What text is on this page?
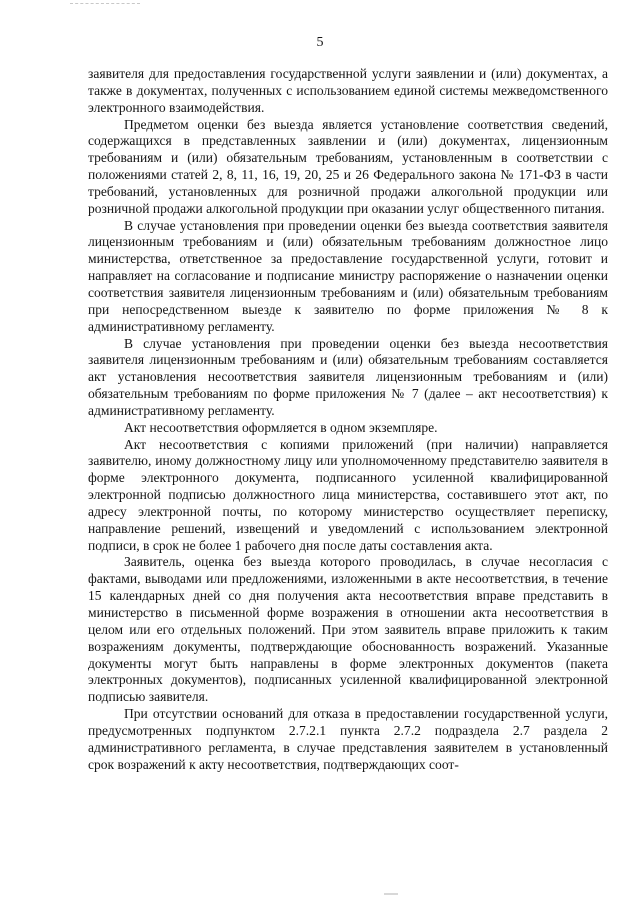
5

заявителя для предоставления государственной услуги заявлении и (или) документах, а также в документах, полученных с использованием единой системы межведомственного электронного взаимодействия.

Предметом оценки без выезда является установление соответствия сведений, содержащихся в представленных заявлении и (или) документах, лицензионным требованиям и (или) обязательным требованиям, установленным в соответствии с положениями статей 2, 8, 11, 16, 19, 20, 25 и 26 Федерального закона № 171-ФЗ в части требований, установленных для розничной продажи алкогольной продукции или розничной продажи алкогольной продукции при оказании услуг общественного питания.

В случае установления при проведении оценки без выезда соответствия заявителя лицензионным требованиям и (или) обязательным требованиям должностное лицо министерства, ответственное за предоставление государственной услуги, готовит и направляет на согласование и подписание министру распоряжение о назначении оценки соответствия заявителя лицензионным требованиям и (или) обязательным требованиям при непосредственном выезде к заявителю по форме приложения № 8 к административному регламенту.

В случае установления при проведении оценки без выезда несоответствия заявителя лицензионным требованиям и (или) обязательным требованиям составляется акт установления несоответствия заявителя лицензионным требованиям и (или) обязательным требованиям по форме приложения № 7 (далее – акт несоответствия) к административному регламенту.

Акт несоответствия оформляется в одном экземпляре.

Акт несоответствия с копиями приложений (при наличии) направляется заявителю, иному должностному лицу или уполномоченному представителю заявителя в форме электронного документа, подписанного усиленной квалифицированной электронной подписью должностного лица министерства, составившего этот акт, по адресу электронной почты, по которому министерство осуществляет переписку, направление решений, извещений и уведомлений с использованием электронной подписи, в срок не более 1 рабочего дня после даты составления акта.

Заявитель, оценка без выезда которого проводилась, в случае несогласия с фактами, выводами или предложениями, изложенными в акте несоответствия, в течение 15 календарных дней со дня получения акта несоответствия вправе представить в министерство в письменной форме возражения в отношении акта несоответствия в целом или его отдельных положений. При этом заявитель вправе приложить к таким возражениям документы, подтверждающие обоснованность возражений. Указанные документы могут быть направлены в форме электронных документов (пакета электронных документов), подписанных усиленной квалифицированной электронной подписью заявителя.

При отсутствии оснований для отказа в предоставлении государственной услуги, предусмотренных подпунктом 2.7.2.1 пункта 2.7.2 подраздела 2.7 раздела 2 административного регламента, в случае представления заявителем в установленный срок возражений к акту несоответствия, подтверждающих соот-
